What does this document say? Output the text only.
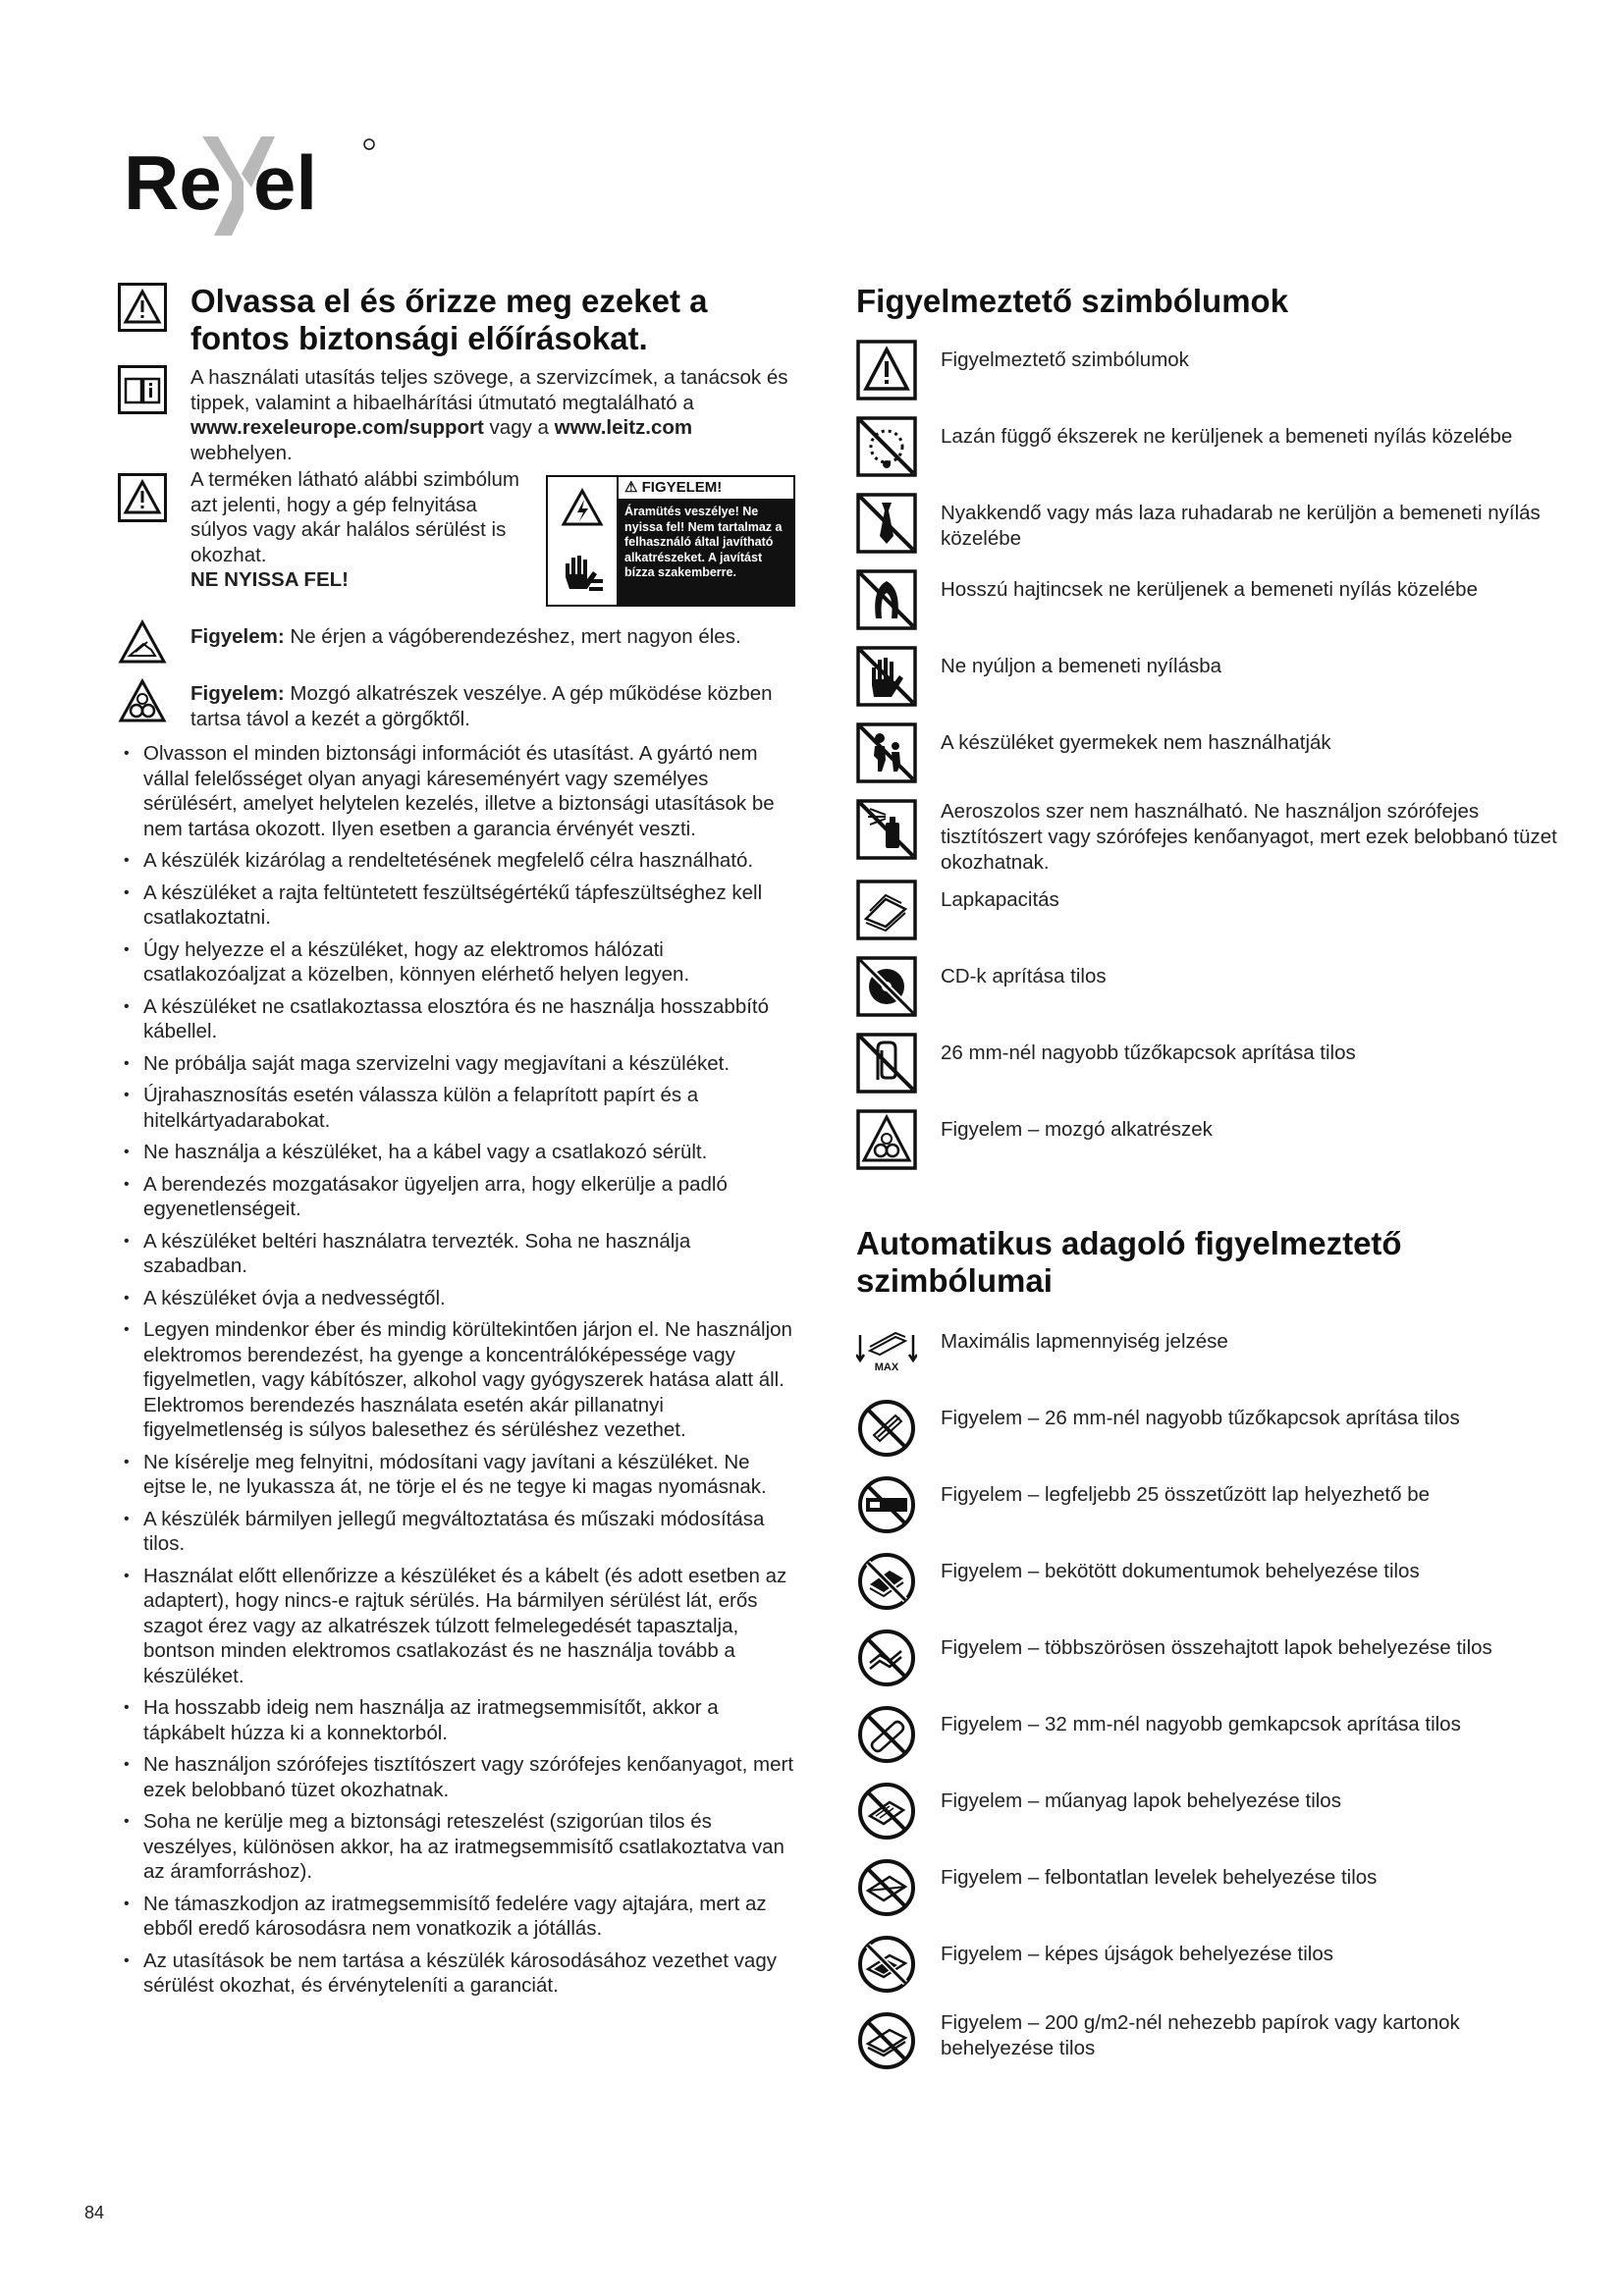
Re el
Olvassa el és őrizze meg ezeket a fontos biztonsági előírásokat.
A használati utasítás teljes szövege, a szervizcímek, a tanácsok és tippek, valamint a hibaelhárítási útmutató megtalálható a www.rexeleurope.com/support vagy a www.leitz.com webhelyen.
⚠ FIGYELEM!
Áramütés veszélye! Ne nyissa fel! Nem tartalmaz a felhasználó által javítható alkatrészeket. A javítást bízza szakemberre.
A terméken látható alábbi szimbólum azt jelenti, hogy a gép felnyitása súlyos vagy akár halálos sérülést is okozhat.
NE NYISSA FEL!
Figyelem: Ne érjen a vágóberendezéshez, mert nagyon éles.
Figyelem: Mozgó alkatrészek veszélye. A gép működése közben tartsa távol a kezét a görgőktől.
• Olvasson el minden biztonsági információt és utasítást. A gyártó nem vállal felelősséget olyan anyagi káreseményért vagy személyes sérülésért, amelyet helytelen kezelés, illetve a biztonsági utasítások be nem tartása okozott. Ilyen esetben a garancia érvényét veszti.
• A készülék kizárólag a rendeltetésének megfelelő célra használható.
• A készüléket a rajta feltüntetett feszültségértékű tápfeszültséghez kell csatlakoztatni.
• Úgy helyezze el a készüléket, hogy az elektromos hálózati csatlakozóaljzat a közelben, könnyen elérhető helyen legyen.
• A készüléket ne csatlakoztassa elosztóra és ne használja hosszabbító kábellel.
• Ne próbálja saját maga szervizelni vagy megjavítani a készüléket.
• Újrahasznosítás esetén válassza külön a felaprított papírt és a hitelkártyadarabokat.
• Ne használja a készüléket, ha a kábel vagy a csatlakozó sérült.
• A berendezés mozgatásakor ügyeljen arra, hogy elkerülje a padló egyenetlenségeit.
• A készüléket beltéri használatra tervezték. Soha ne használja szabadban.
• A készüléket óvja a nedvességtől.
• Legyen mindenkor éber és mindig körültekintően járjon el. Ne használjon elektromos berendezést, ha gyenge a koncentrálóképessége vagy figyelmetlen, vagy kábítószer, alkohol vagy gyógyszerek hatása alatt áll. Elektromos berendezés használata esetén akár pillanatnyi figyelmetlenség is súlyos balesethez és sérüléshez vezethet.
• Ne kísérelje meg felnyitni, módosítani vagy javítani a készüléket. Ne ejtse le, ne lyukassza át, ne törje el és ne tegye ki magas nyomásnak.
• A készülék bármilyen jellegű megváltoztatása és műszaki módosítása tilos.
• Használat előtt ellenőrizze a készüléket és a kábelt (és adott esetben az adaptert), hogy nincs-e rajtuk sérülés. Ha bármilyen sérülést lát, erős szagot érez vagy az alkatrészek túlzott felmelegedését tapasztalja, bontson minden elektromos csatlakozást és ne használja tovább a készüléket.
• Ha hosszabb ideig nem használja az iratmegsemmisítőt, akkor a tápkábelt húzza ki a konnektorból.
• Ne használjon szórófejes tisztítószert vagy szórófejes kenőanyagot, mert ezek belobbanó tüzet okozhatnak.
• Soha ne kerülje meg a biztonsági reteszelést (szigorúan tilos és veszélyes, különösen akkor, ha az iratmegsemmisítő csatlakoztatva van az áramforráshoz).
• Ne támaszkodjon az iratmegsemmisítő fedelére vagy ajtajára, mert az ebből eredő károsodásra nem vonatkozik a jótállás.
• Az utasítások be nem tartása a készülék károsodásához vezethet vagy sérülést okozhat, és érvényteleníti a garanciát.
Figyelmeztető szimbólumok
Figyelmeztető szimbólumok
Lazán függő ékszerek ne kerüljenek a bemeneti nyílás közelébe
Nyakkendő vagy más laza ruhadarab ne kerüljön a bemeneti nyílás közelébe
Hosszú hajtincsek ne kerüljenek a bemeneti nyílás közelébe
Ne nyúljon a bemeneti nyílásba
A készüléket gyermekek nem használhatják
Aeroszolos szer nem használható. Ne használjon szórófejes tisztítószert vagy szórófejes kenőanyagot, mert ezek belobbanó tüzet okozhatnak.
Lapkapacitás
CD-k aprítása tilos
26 mm-nél nagyobb tűzőkapcsok aprítása tilos
Figyelem – mozgó alkatrészek
Automatikus adagoló figyelmeztető szimbólumai
MAX
Maximális lapmennyiség jelzése
Figyelem – 26 mm-nél nagyobb tűzőkapcsok aprítása tilos
Figyelem – legfeljebb 25 összetűzött lap helyezhető be
Figyelem – bekötött dokumentumok behelyezése tilos
Figyelem – többszörösen összehajtott lapok behelyezése tilos
Figyelem – 32 mm-nél nagyobb gemkapcsok aprítása tilos
Figyelem – műanyag lapok behelyezése tilos
Figyelem – felbontatlan levelek behelyezése tilos
Figyelem – képes újságok behelyezése tilos
Figyelem – 200 g/m2-nél nehezebb papírok vagy kartonok behelyezése tilos
84
